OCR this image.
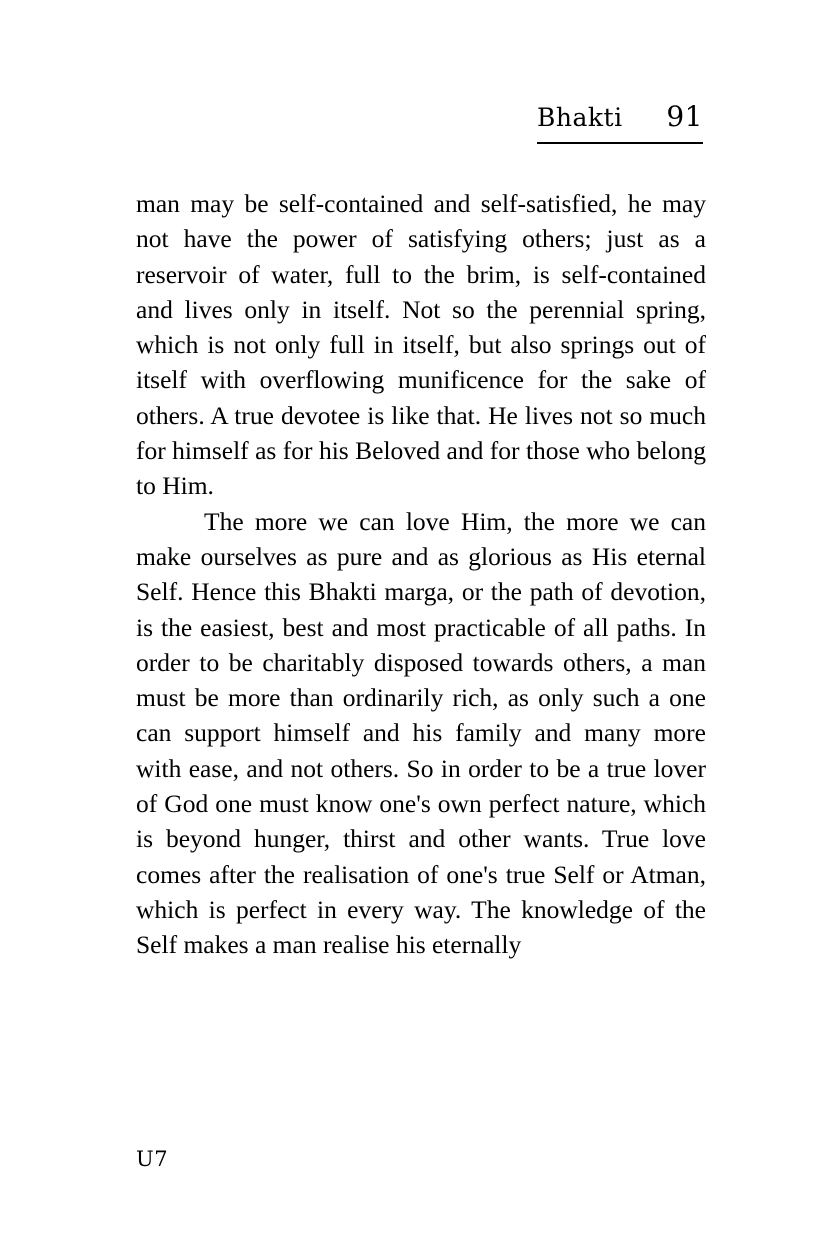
Bhakti 91

man may be self-contained and self-satisfied, he may not have the power of satisfying others; just as a reservoir of water, full to the brim, is self-contained and lives only in itself. Not so the perennial spring, which is not only full in itself, but also springs out of itself with overflowing munificence for the sake of others. A true devotee is like that. He lives not so much for himself as for his Beloved and for those who belong to Him.

The more we can love Him, the more we can make ourselves as pure and as glorious as His eternal Self. Hence this Bhakti marga, or the path of devotion, is the easiest, best and most practicable of all paths. In order to be charitably disposed towards others, a man must be more than ordinarily rich, as only such a one can support himself and his family and many more with ease, and not others. So in order to be a true lover of God one must know one's own perfect nature, which is beyond hunger, thirst and other wants. True love comes after the realisation of one's true Self or Atman, which is perfect in every way. The knowledge of the Self makes a man realise his eternally

U7
